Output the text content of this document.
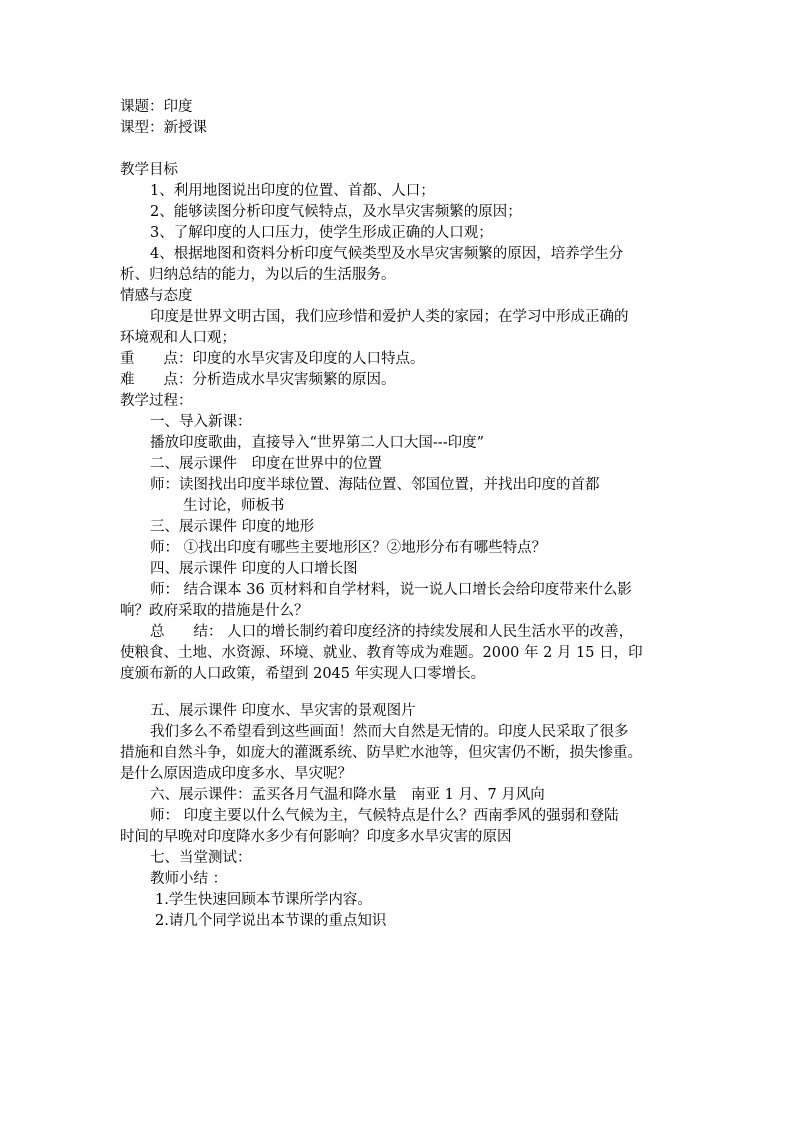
课题：印度
课型：新授课
教学目标
1、利用地图说出印度的位置、首都、人口；
2、能够读图分析印度气候特点，及水旱灾害频繁的原因；
3、了解印度的人口压力，使学生形成正确的人口观；
4、根据地图和资料分析印度气候类型及水旱灾害频繁的原因，培养学生分
析、归纳总结的能力，为以后的生活服务。
情感与态度
印度是世界文明古国，我们应珍惜和爱护人类的家园；在学习中形成正确的
环境观和人口观；
重　　点：印度的水旱灾害及印度的人口特点。
难　　点：分析造成水旱灾害频繁的原因。
教学过程：
一、导入新课：
播放印度歌曲，直接导入“世界第二人口大国---印度”
二、展示课件　印度在世界中的位置
师：读图找出印度半球位置、海陆位置、邻国位置，并找出印度的首都
生讨论，师板书
三、展示课件 印度的地形
师： ①找出印度有哪些主要地形区？②地形分布有哪些特点？
四、展示课件 印度的人口增长图
师： 结合课本 36 页材料和自学材料，说一说人口增长会给印度带来什么影
响？政府采取的措施是什么？
总　　结： 人口的增长制约着印度经济的持续发展和人民生活水平的改善，
使粮食、土地、水资源、环境、就业、教育等成为难题。2000 年 2 月 15 日，印
度颁布新的人口政策，希望到 2045 年实现人口零增长。
五、展示课件 印度水、旱灾害的景观图片
我们多么不希望看到这些画面！然而大自然是无情的。印度人民采取了很多
措施和自然斗争，如庞大的灌溉系统、防旱贮水池等，但灾害仍不断，损失惨重。
是什么原因造成印度多水、旱灾呢？
六、展示课件：孟买各月气温和降水量　南亚 1 月、7 月风向
师： 印度主要以什么气候为主，气候特点是什么？西南季风的强弱和登陆
时间的早晚对印度降水多少有何影响？印度多水旱灾害的原因
七、当堂测试：
教师小结 ：
1.学生快速回顾本节课所学内容。
2.请几个同学说出本节课的重点知识
